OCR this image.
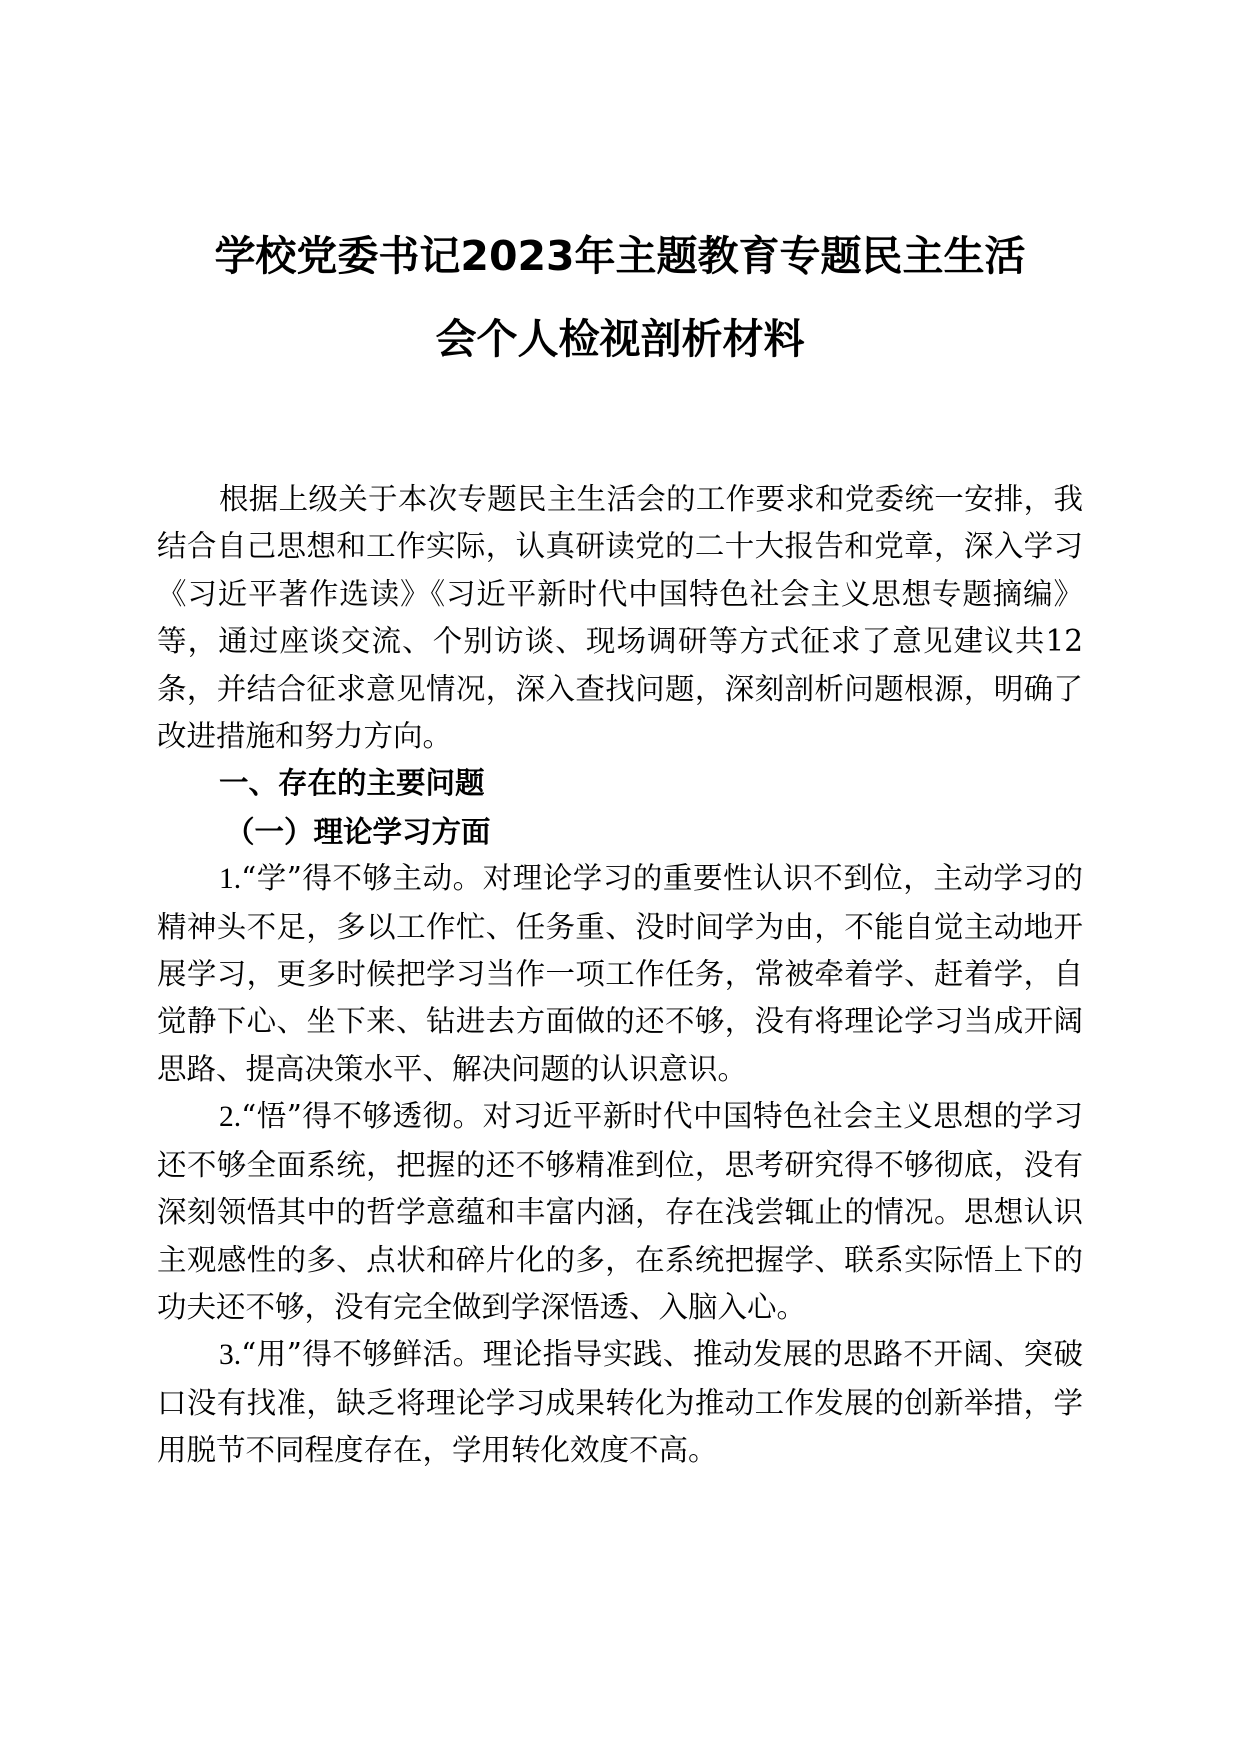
学校党委书记2023年主题教育专题民主生活
会个人检视剖析材料

根据上级关于本次专题民主生活会的工作要求和党委统一安排，我结合自己思想和工作实际，认真研读党的二十大报告和党章，深入学习《习近平著作选读》《习近平新时代中国特色社会主义思想专题摘编》等，通过座谈交流、个别访谈、现场调研等方式征求了意见建议共12条，并结合征求意见情况，深入查找问题，深刻剖析问题根源，明确了改进措施和努力方向。

一、存在的主要问题

（一）理论学习方面

1.“学”得不够主动。对理论学习的重要性认识不到位，主动学习的精神头不足，多以工作忙、任务重、没时间学为由，不能自觉主动地开展学习，更多时候把学习当作一项工作任务，常被牵着学、赶着学，自觉静下心、坐下来、钻进去方面做的还不够，没有将理论学习当成开阔思路、提高决策水平、解决问题的认识意识。

2.“悟”得不够透彻。对习近平新时代中国特色社会主义思想的学习还不够全面系统，把握的还不够精准到位，思考研究得不够彻底，没有深刻领悟其中的哲学意蕴和丰富内涵，存在浅尝辄止的情况。思想认识主观感性的多、点状和碎片化的多，在系统把握学、联系实际悟上下的功夫还不够，没有完全做到学深悟透、入脑入心。

3.“用”得不够鲜活。理论指导实践、推动发展的思路不开阔、突破口没有找准，缺乏将理论学习成果转化为推动工作发展的创新举措，学用脱节不同程度存在，学用转化效度不高。
